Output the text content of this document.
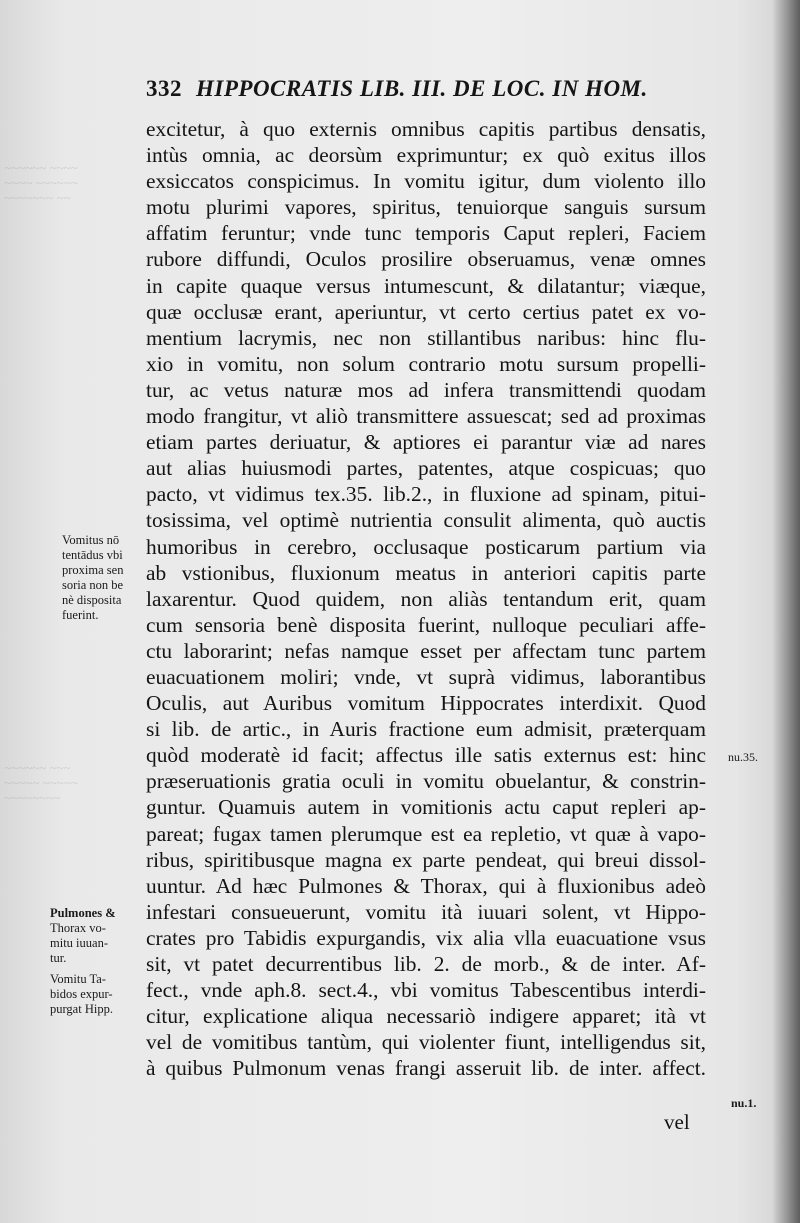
~~~~~~ ~~~~
~~~~ ~~~~~~
~~~~~~~ ~~
~~~~~~ ~~~
~~~~~ ~~~~~
~~~~~~~~
332 HIPPOCRATIS LIB. III. DE LOC. IN HOM.
excitetur, à quo externis omnibus capitis partibus densatis,
intùs omnia, ac deorsùm exprimuntur; ex quò exitus illos
exsiccatos conspicimus. In vomitu igitur, dum violento illo
motu plurimi vapores, spiritus, tenuiorque sanguis sursum
affatim feruntur; vnde tunc temporis Caput repleri, Faciem
rubore diffundi, Oculos prosilire obseruamus, venæ omnes
in capite quaque versus intumescunt, & dilatantur; viæque,
quæ occlusæ erant, aperiuntur, vt certo certius patet ex vo-
mentium lacrymis, nec non stillantibus naribus: hinc flu-
xio in vomitu, non solum contrario motu sursum propelli-
tur, ac vetus naturæ mos ad infera transmittendi quodam
modo frangitur, vt aliò transmittere assuescat; sed ad proximas
etiam partes deriuatur, & aptiores ei parantur viæ ad nares
aut alias huiusmodi partes, patentes, atque cospicuas; quo
pacto, vt vidimus tex.35. lib.2., in fluxione ad spinam, pitui-
tosissima, vel optimè nutrientia consulit alimenta, quò auctis
humoribus in cerebro, occlusaque posticarum partium via
ab vstionibus, fluxionum meatus in anteriori capitis parte
laxarentur. Quod quidem, non aliàs tentandum erit, quam
cum sensoria benè disposita fuerint, nulloque peculiari affe-
ctu laborarint; nefas namque esset per affectam tunc partem
euacuationem moliri; vnde, vt suprà vidimus, laborantibus
Oculis, aut Auribus vomitum Hippocrates interdixit. Quod
si lib. de artic., in Auris fractione eum admisit, præterquam
quòd moderatè id facit; affectus ille satis externus est: hinc
præseruationis gratia oculi in vomitu obuelantur, & constrin-
guntur. Quamuis autem in vomitionis actu caput repleri ap-
pareat; fugax tamen plerumque est ea repletio, vt quæ à vapo-
ribus, spiritibusque magna ex parte pendeat, qui breui dissol-
uuntur. Ad hæc Pulmones & Thorax, qui à fluxionibus adeò
infestari consueuerunt, vomitu ità iuuari solent, vt Hippo-
crates pro Tabidis expurgandis, vix alia vlla euacuatione vsus
sit, vt patet decurrentibus lib. 2. de morb., & de inter. Af-
fect., vnde aph.8. sect.4., vbi vomitus Tabescentibus interdi-
citur, explicatione aliqua necessariò indigere apparet; ità vt
vel de vomitibus tantùm, qui violenter fiunt, intelligendus sit,
à quibus Pulmonum venas frangi asseruit lib. de inter. affect.
vel
Vomitus nō
tentādus vbi
proxima sen
soria non be
nè disposita
fuerint.
Pulmones &
Thorax vo-
mitu iuuan-
tur.
Vomitu Ta-
bidos expur-
purgat Hipp.
nu.35.
nu.1.
